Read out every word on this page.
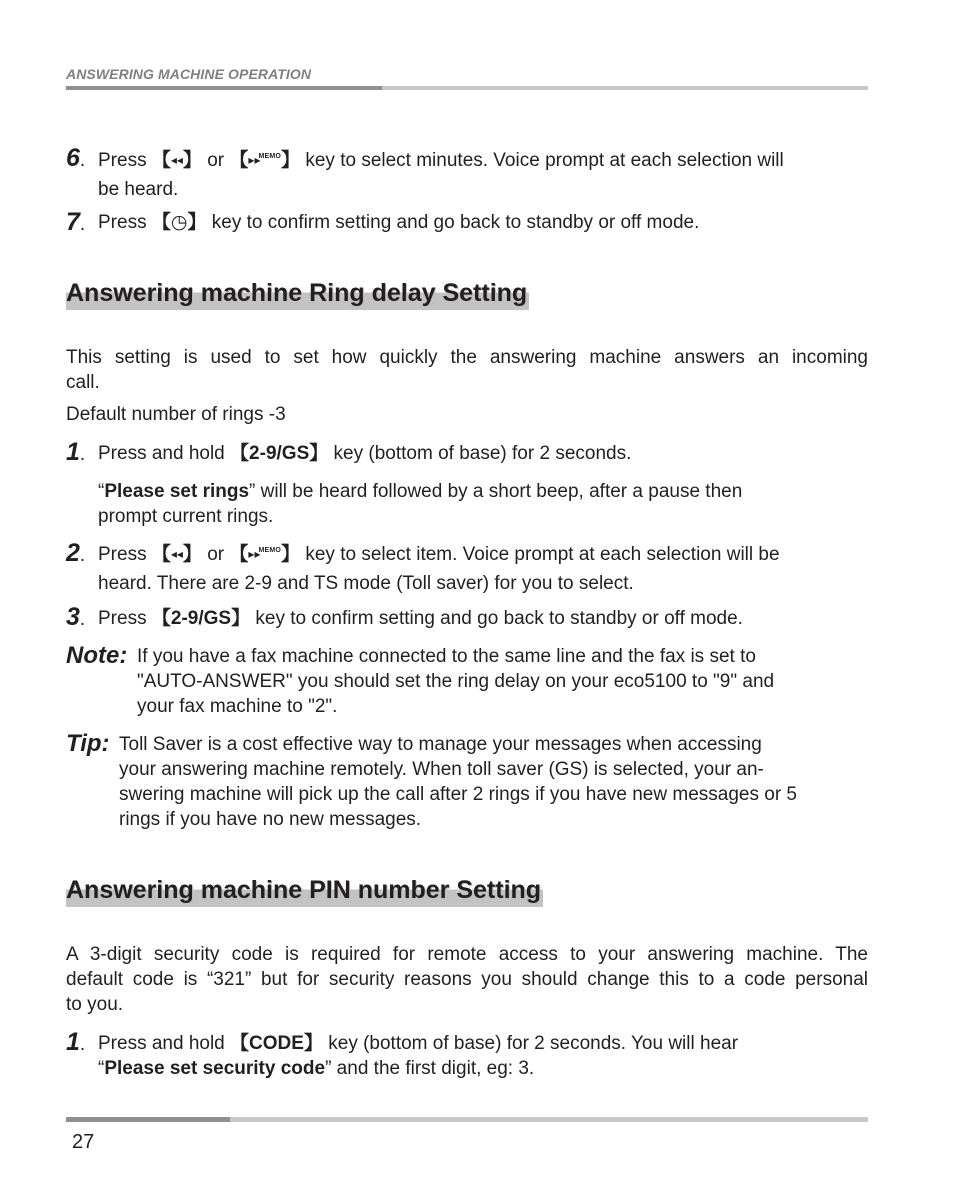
ANSWERING MACHINE OPERATION
6. Press 【◂◂】 or 【▸▸$^{MEMO}$】 key to select minutes. Voice prompt at each selection will
be heard.
7. Press 【◷】 key to confirm setting and go back to standby or off mode.
Answering machine Ring delay Setting
This setting is used to set how quickly the answering machine answers an incoming
call.
Default number of rings -3
1. Press and hold 【2-9/GS】 key (bottom of base) for 2 seconds.
“Please set rings” will be heard followed by a short beep, after a pause then
prompt current rings.
2. Press 【◂◂】 or 【▸▸$^{MEMO}$】 key to select item. Voice prompt at each selection will be
heard. There are 2-9 and TS mode (Toll saver) for you to select.
3. Press 【2-9/GS】 key to confirm setting and go back to standby or off mode.
Note: If you have a fax machine connected to the same line and the fax is set to
"AUTO-ANSWER" you should set the ring delay on your eco5100 to "9" and
your fax machine to "2".
Tip: Toll Saver is a cost effective way to manage your messages when accessing
your answering machine remotely. When toll saver (GS) is selected, your an-
swering machine will pick up the call after 2 rings if you have new messages or 5
rings if you have no new messages.
Answering machine PIN number Setting
A 3-digit security code is required for remote access to your answering machine. The
default code is “321” but for security reasons you should change this to a code personal
to you.
1. Press and hold 【CODE】 key (bottom of base) for 2 seconds. You will hear
“Please set security code” and the first digit, eg: 3.
27
